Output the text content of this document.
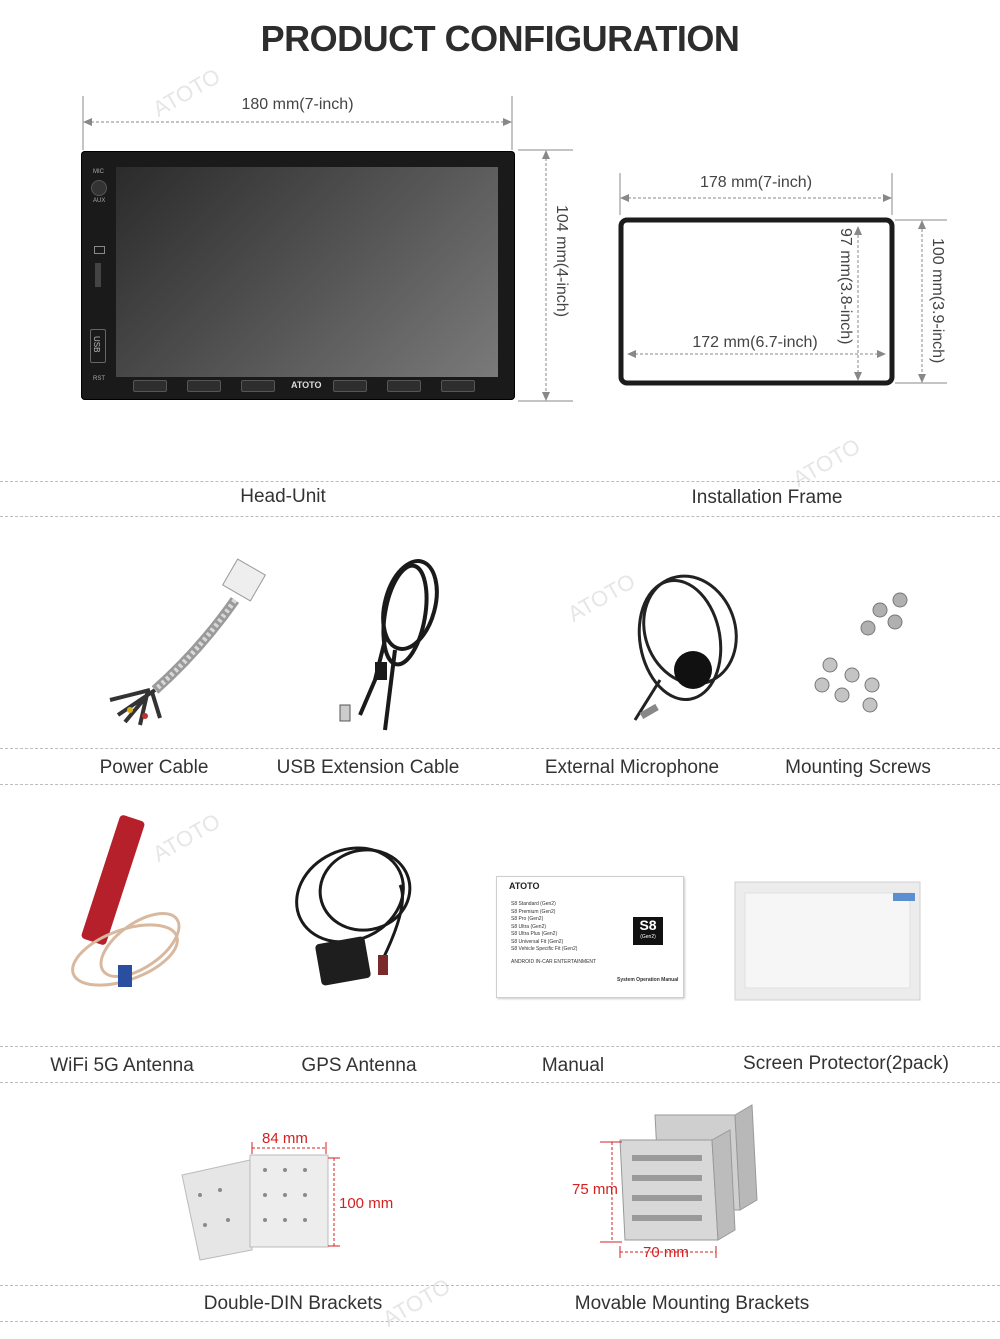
PRODUCT CONFIGURATION
ATOTO
ATOTO
ATOTO
ATOTO
ATOTO
180 mm(7-inch)
104 mm(4-inch)
MIC
AUX
USB
RST
ATOTO
178 mm(7-inch)
172 mm(6.7-inch)	97 mm(3.8-inch)	100 mm(3.9-inch)
Head-Unit	Installation Frame
Power Cable	USB Extension Cable	External Microphone	Mounting Screws
ATOTO
S8 Standard (Gen2)
S8 Premium (Gen2)
S8 Pro (Gen2)
S8 Ultra (Gen2)
S8 Ultra Plus (Gen2)
S8 Universal Fit (Gen2)
S8 Vehicle Specific Fit (Gen2)
ANDROID IN-CAR ENTERTAINMENT
S8
(Gen2)
System Operation Manual
WiFi 5G Antenna	GPS Antenna	Manual	Screen Protector(2pack)
84 mm
100 mm
75 mm
70 mm
Double-DIN Brackets	Movable Mounting Brackets
